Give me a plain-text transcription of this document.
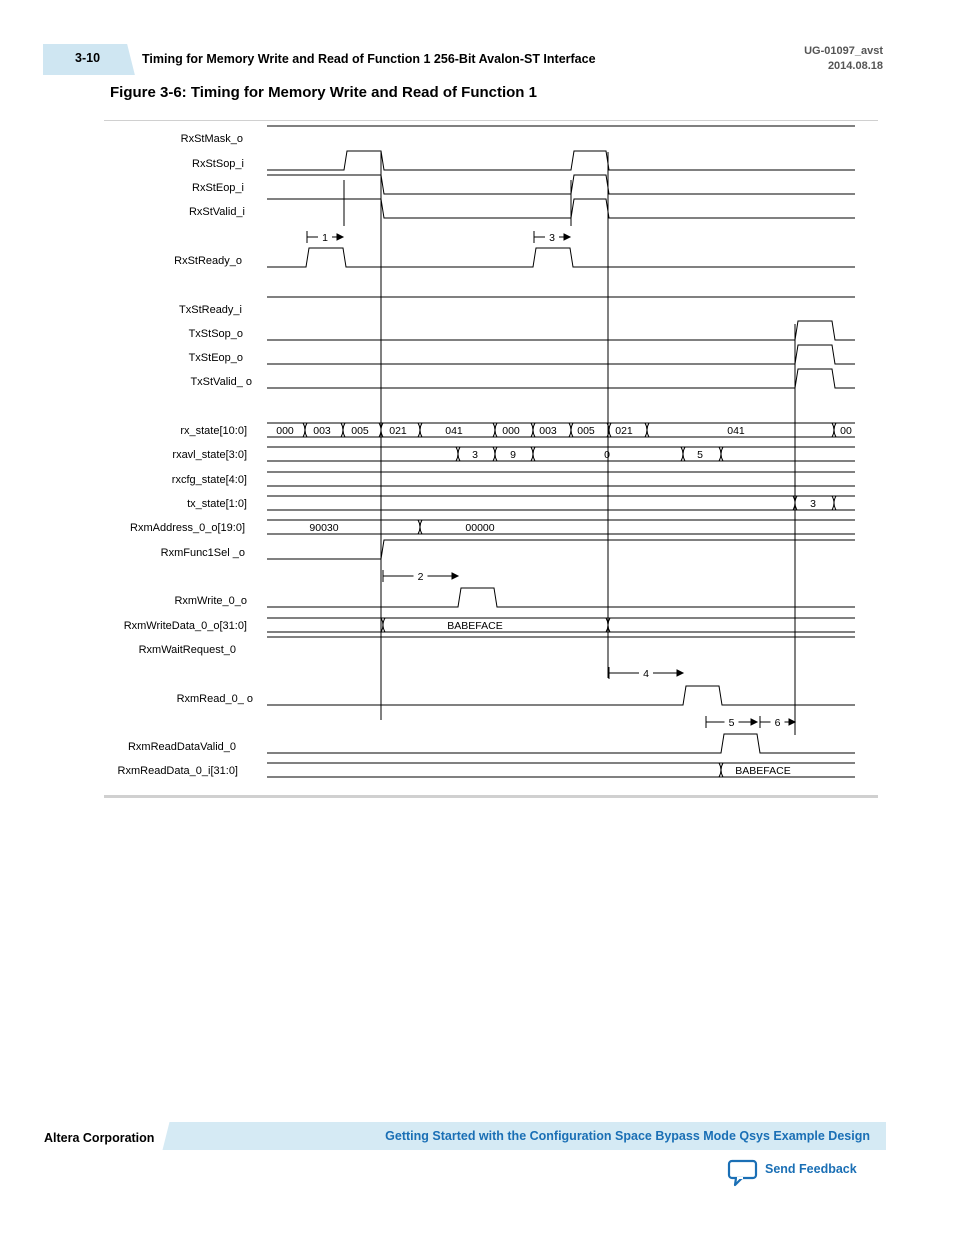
3-10	Timing for Memory Write and Read of Function 1 256-Bit Avalon-ST Interface
UG-01097_avst
2014.08.18
Figure 3-6: Timing for Memory Write and Read of Function 1
RxStMask_o
RxStSop_i
RxStEop_i
RxStValid_i
RxStReady_o
TxStReady_i
TxStSop_o
TxStEop_o
TxStValid_ o
rx_state[10:0]
rxavl_state[3:0]
rxcfg_state[4:0]
tx_state[1:0]
RxmAddress_0_o[19:0]
RxmFunc1Sel _o
RxmWrite_0_o
RxmWriteData_0_o[31:0]
RxmWaitRequest_0
RxmRead_0_ o
RxmReadDataValid_0
RxmReadData_0_i[31:0]
000 003 005 021	041	000 003 005 021	041	00
3	9	0	5
3
90030	00000
BABEFACE
BABEFACE
1	3
2
4
5	6
Altera Corporation	Getting Started with the Configuration Space Bypass Mode Qsys Example Design
Send Feedback
